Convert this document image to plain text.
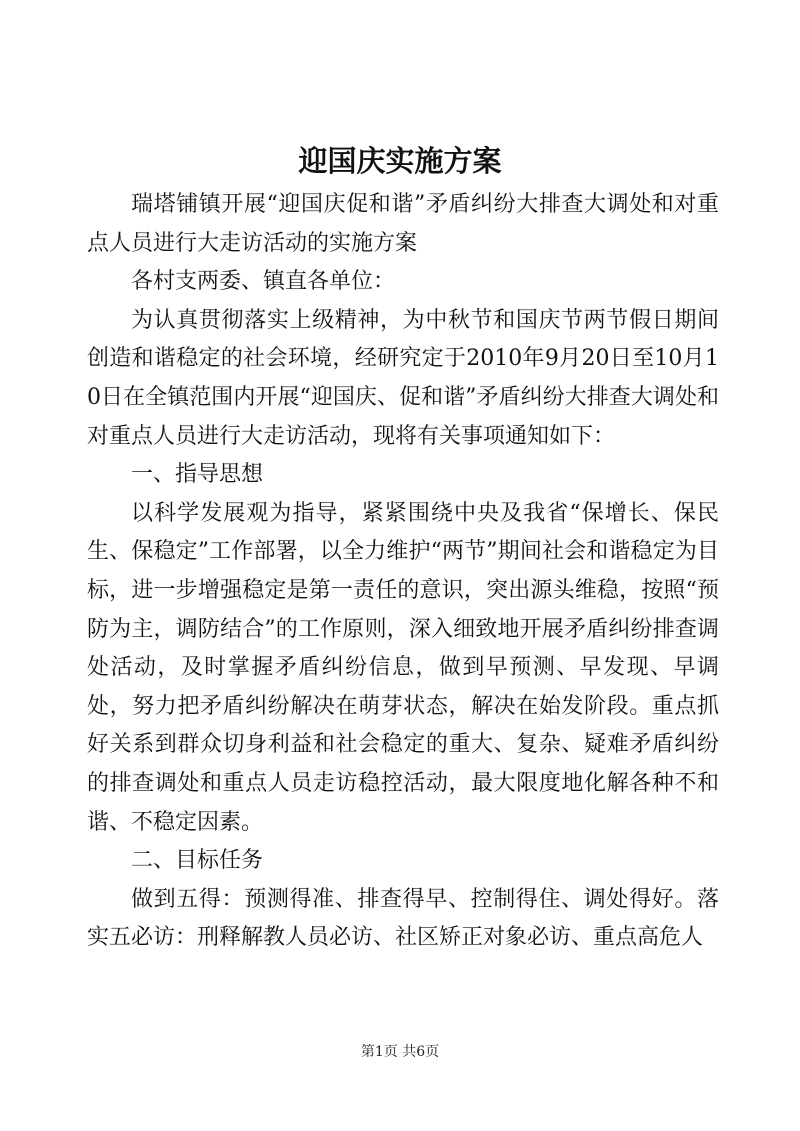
迎国庆实施方案

瑞塔铺镇开展“迎国庆促和谐”矛盾纠纷大排查大调处和对重点人员进行大走访活动的实施方案

各村支两委、镇直各单位：

为认真贯彻落实上级精神，为中秋节和国庆节两节假日期间创造和谐稳定的社会环境，经研究定于2010年9月20日至10月10日在全镇范围内开展“迎国庆、促和谐”矛盾纠纷大排查大调处和对重点人员进行大走访活动，现将有关事项通知如下：

一、指导思想

以科学发展观为指导，紧紧围绕中央及我省“保增长、保民生、保稳定”工作部署，以全力维护“两节”期间社会和谐稳定为目标，进一步增强稳定是第一责任的意识，突出源头维稳，按照“预防为主，调防结合”的工作原则，深入细致地开展矛盾纠纷排查调处活动，及时掌握矛盾纠纷信息，做到早预测、早发现、早调处，努力把矛盾纠纷解决在萌芽状态，解决在始发阶段。重点抓好关系到群众切身利益和社会稳定的重大、复杂、疑难矛盾纠纷的排查调处和重点人员走访稳控活动，最大限度地化解各种不和谐、不稳定因素。

二、目标任务

做到五得：预测得准、排查得早、控制得住、调处得好。落实五必访：刑释解教人员必访、社区矫正对象必访、重点高危人

第1页 共6页
